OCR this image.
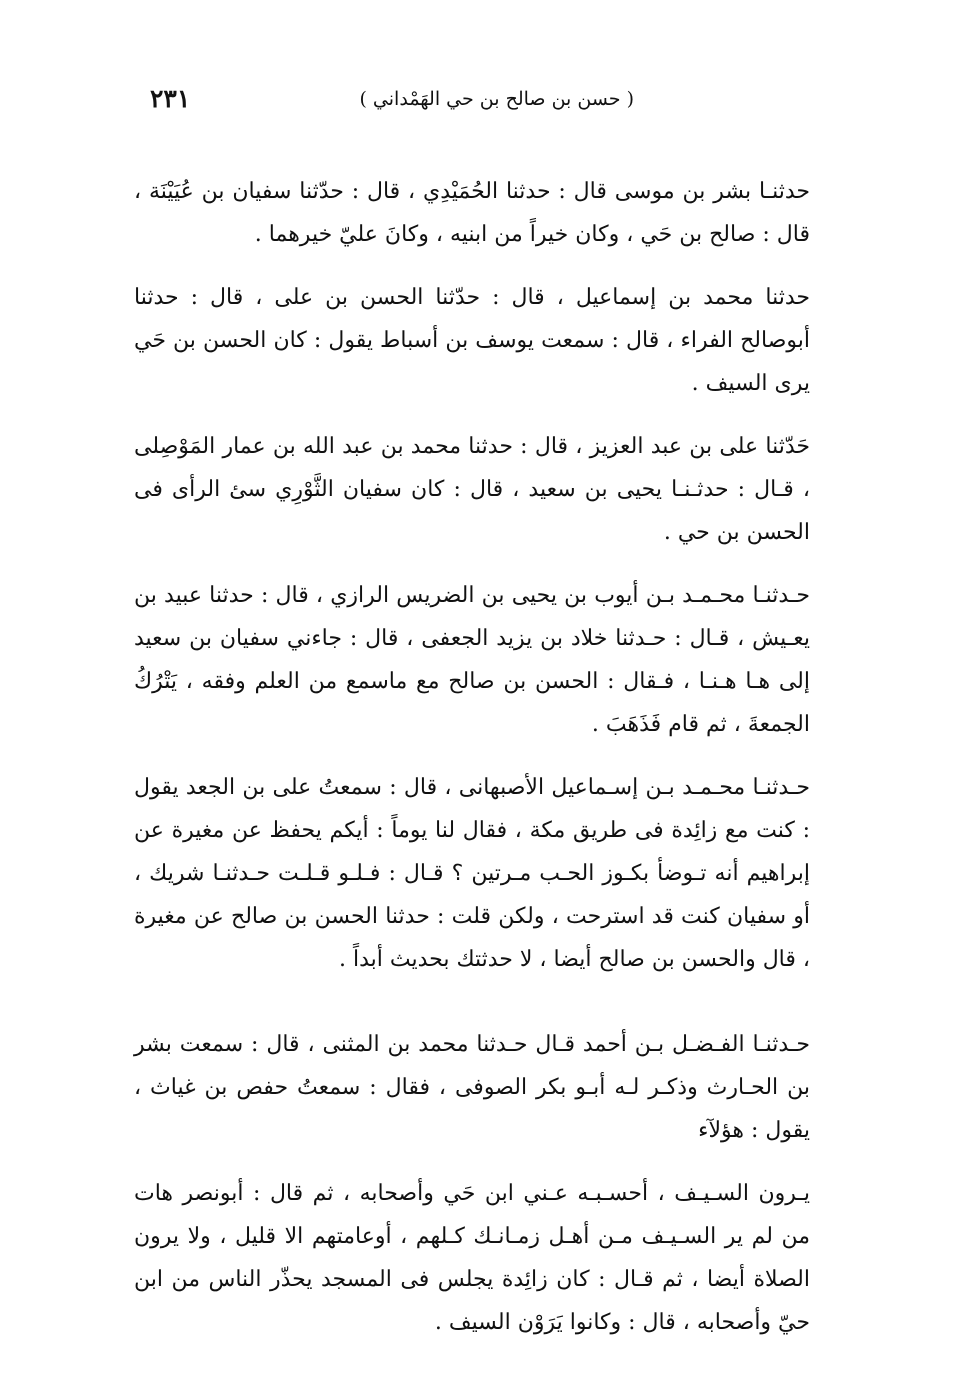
( حسن بن صالح بن حي الهَمْداني )
٢٣١

حدثنـا بشر بن موسى قال : حدثنا الحُمَيْدِي ، قال : حدّثنا سفيان بن عُيَيْنَة ، قال : صالح بن حَي ، وكان خيراً من ابنيه ، وكانَ عليّ خيرهما .

حدثنا محمد بن إسماعيل ، قال : حدّثنا الحسن بن على ، قال : حدثنا أبوصالح الفراء ، قال : سمعت يوسف بن أسباط يقول : كان الحسن بن حَي يرى السيف .

حَدّثنا على بن عبد العزيز ، قال : حدثنا محمد بن عبد الله بن عمار المَوْصِلى ، قـال : حدثـنـا يحيى بن سعيد ، قال : كان سفيان الثَّوْرِي سئ الرأى فى الحسن بن حي .

حـدثنـا محـمـد بـن أيوب بن يحيى بن الضريس الرازي ، قال : حدثنا عبيد بن يعـيش ، قـال : حـدثنا خلاد بن يزيد الجعفى ، قال : جاءني سفيان بن سعيد إلى هـا هـنـا ، فـقال : الحسن بن صالح مع ماسمع من العلم وفقه ، يَتْرُكُ الجمعةَ ، ثم قام فَذَهَبَ .

حـدثنـا محـمـد بـن إسـماعيل الأصبهانى ، قال : سمعتُ على بن الجعد يقول : كنت مع زائِدة فى طريق مكة ، فقال لنا يوماً : أيكم يحفظ عن مغيرة عن إبراهيم أنه تـوضأ بكـوز الحـب مـرتين ؟ قـال : فـلـو قـلـت حـدثنـا شريك ، أو سفيان كنت قد استرحت ، ولكن قلت : حدثنا الحسن بن صالح عن مغيرة ، قال والحسن بن صالح أيضا ، لا حدثتك بحديث أبداً .

حـدثنـا الفـضـل بـن أحمد قـال حـدثنا محمد بن المثنى ، قال : سمعت بشر بن الحـارث وذكـر لـه أبـو بكر الصوفى ، فقال : سمعتُ حفص بن غياث ، يقول : هؤلآء

يـرون السـيـف ، أحسـبـه عـني ابن حَي وأصحابه ، ثم قال : أبونصر هات من لم ير السـيـف مـن أهـل زمـانـك كـلهم ، أوعامتهم الا قليل ، ولا يرون الصلاة أيضا ، ثم قـال : كان زائِدة يجلس فى المسجد يحذّر الناس من ابن حيّ وأصحابه ، قال : وكانوا يَرَوْن السيف .
